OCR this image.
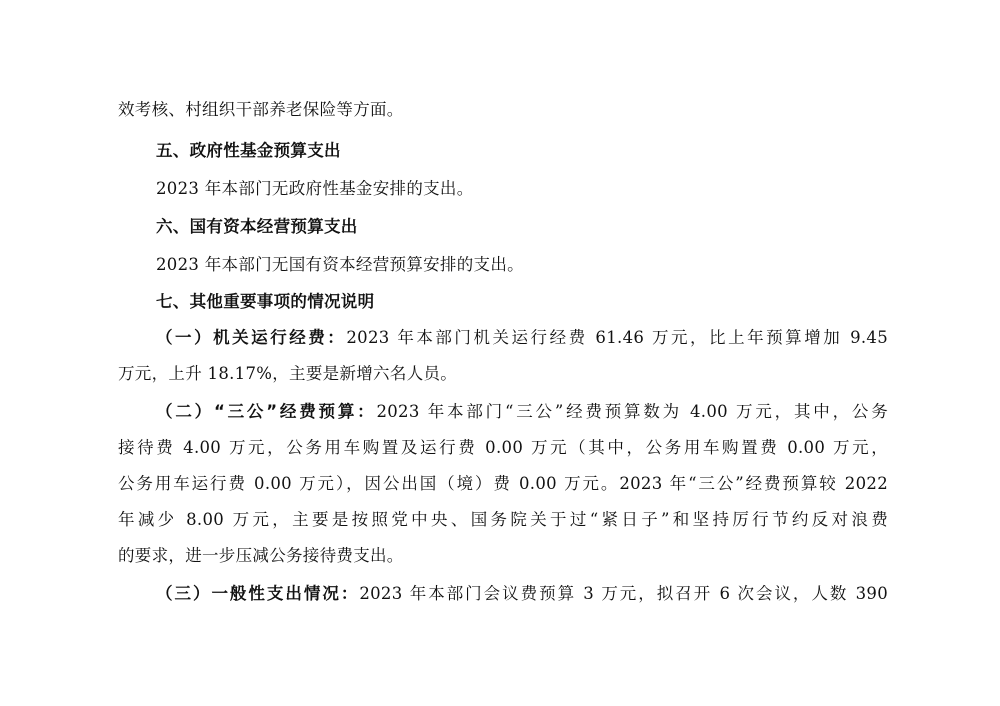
效考核、村组织干部养老保险等方面。
五、政府性基金预算支出
2023 年本部门无政府性基金安排的支出。
六、国有资本经营预算支出
2023 年本部门无国有资本经营预算安排的支出。
七、其他重要事项的情况说明
（一）机关运行经费：2023 年本部门机关运行经费 61.46 万元，比上年预算增加 9.45
万元，上升 18.17%，主要是新增六名人员。
（二）“三公”经费预算：2023 年本部门“三公”经费预算数为 4.00 万元，其中，公务
接待费 4.00 万元，公务用车购置及运行费 0.00 万元（其中，公务用车购置费 0.00 万元，
公务用车运行费 0.00 万元），因公出国（境）费 0.00 万元。2023 年“三公”经费预算较 2022
年减少 8.00 万元，主要是按照党中央、国务院关于过“紧日子”和坚持厉行节约反对浪费
的要求，进一步压减公务接待费支出。
（三）一般性支出情况：2023 年本部门会议费预算 3 万元，拟召开 6 次会议，人数 390
